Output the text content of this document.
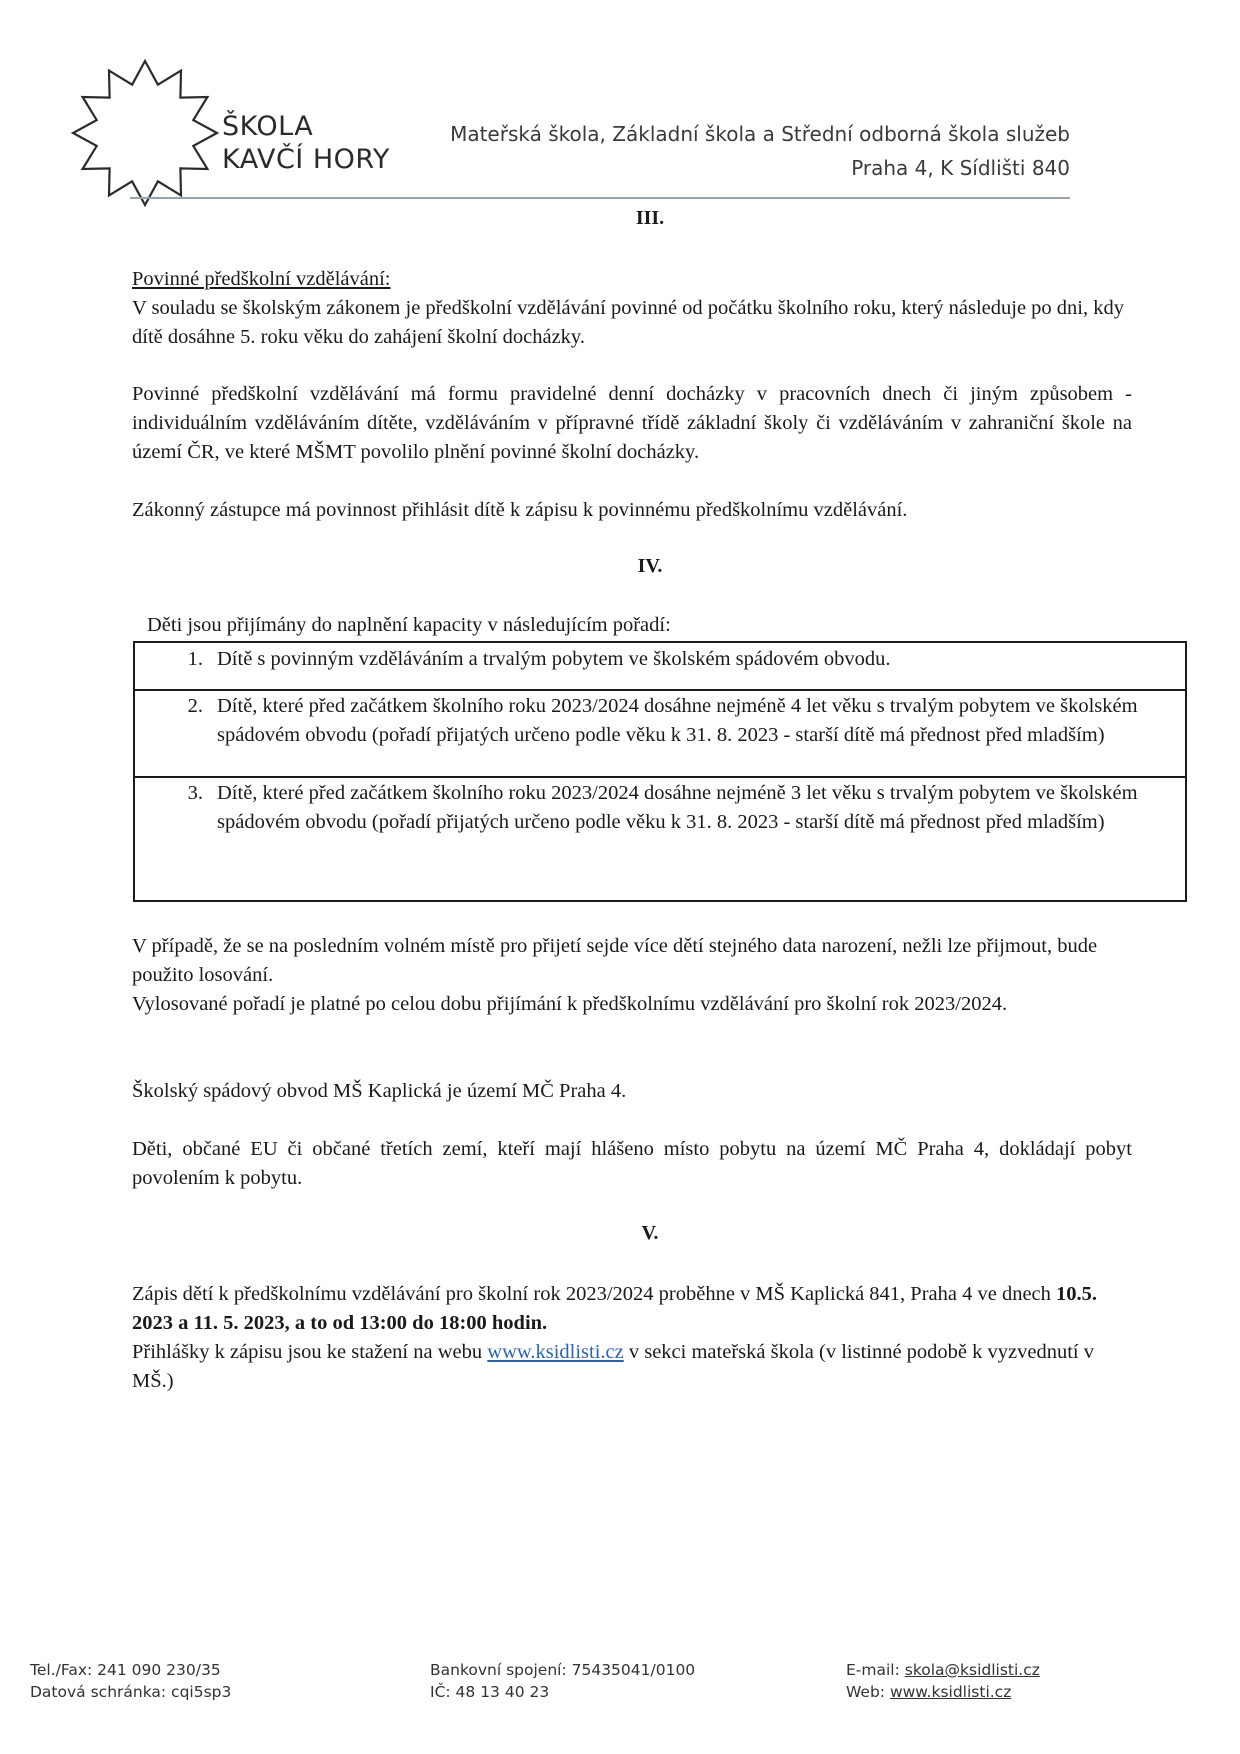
ŠKOLA
KAVČÍ HORY
Mateřská škola, Základní škola a Střední odborná škola služeb
Praha 4, K Sídlišti 840
III.
Povinné předškolní vzdělávání:
V souladu se školským zákonem je předškolní vzdělávání povinné od počátku školního roku, který následuje po dni, kdy dítě dosáhne 5. roku věku do zahájení školní docházky.
Povinné předškolní vzdělávání má formu pravidelné denní docházky v pracovních dnech či jiným způsobem - individuálním vzděláváním dítěte, vzděláváním v přípravné třídě základní školy či vzděláváním v zahraniční škole na území ČR, ve které MŠMT povolilo plnění povinné školní docházky.
Zákonný zástupce má povinnost přihlásit dítě k zápisu k povinnému předškolnímu vzdělávání.
IV.
Děti jsou přijímány do naplnění kapacity v následujícím pořadí:
1. Dítě s povinným vzděláváním a trvalým pobytem ve školském spádovém obvodu.

2. Dítě, které před začátkem školního roku 2023/2024 dosáhne nejméně 4 let věku s trvalým pobytem ve školském spádovém obvodu (pořadí přijatých určeno podle věku k 31. 8. 2023 - starší dítě má přednost před mladším)

3. Dítě, které před začátkem školního roku 2023/2024 dosáhne nejméně 3 let věku s trvalým pobytem ve školském spádovém obvodu (pořadí přijatých určeno podle věku k 31. 8. 2023 - starší dítě má přednost před mladším)
V případě, že se na posledním volném místě pro přijetí sejde více dětí stejného data narození, nežli lze přijmout, bude použito losování.
Vylosované pořadí je platné po celou dobu přijímání k předškolnímu vzdělávání pro školní rok 2023/2024.
Školský spádový obvod MŠ Kaplická je území MČ Praha 4.
Děti, občané EU či občané třetích zemí, kteří mají hlášeno místo pobytu na území MČ Praha 4, dokládají pobyt povolením k pobytu.
V.
Zápis dětí k předškolnímu vzdělávání pro školní rok 2023/2024 proběhne v MŠ Kaplická 841, Praha 4 ve dnech 10.5. 2023 a 11. 5. 2023, a to od 13:00 do 18:00 hodin.
Přihlášky k zápisu jsou ke stažení na webu www.ksidlisti.cz v sekci mateřská škola (v listinné podobě k vyzvednutí v MŠ.)
Tel./Fax: 241 090 230/35
Datová schránka: cqi5sp3
Bankovní spojení: 75435041/0100
IČ: 48 13 40 23
E-mail: skola@ksidlisti.cz
Web: www.ksidlisti.cz
